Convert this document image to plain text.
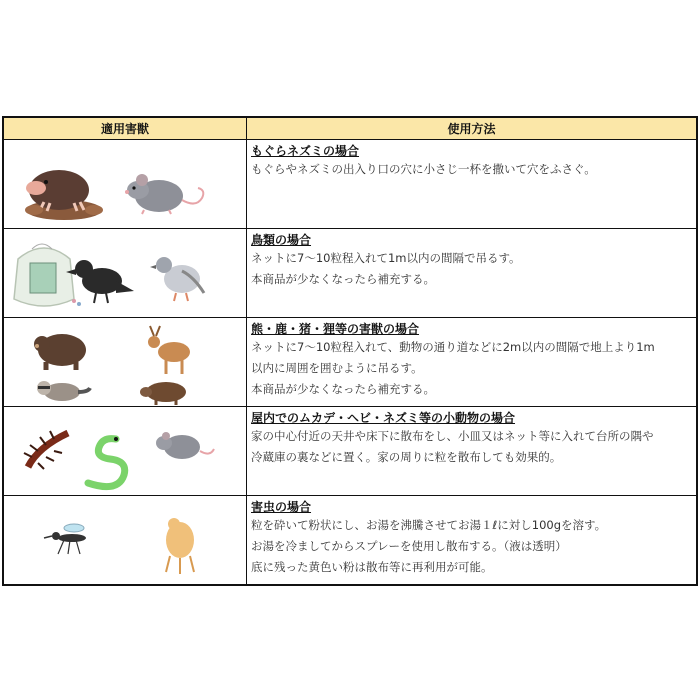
適用害獣	使用方法
もぐらネズミの場合
もぐらやネズミの出入り口の穴に小さじ一杯を撒いて穴をふさぐ。
鳥類の場合
ネットに7～10粒程入れて1m以内の間隔で吊るす。
本商品が少なくなったら補充する。
熊・鹿・猪・狸等の害獣の場合
ネットに7～10粒程入れて、動物の通り道などに2m以内の間隔で地上より1m
以内に周囲を囲むように吊るす。
本商品が少なくなったら補充する。
屋内でのムカデ・ヘビ・ネズミ等の小動物の場合
家の中心付近の天井や床下に散布をし、小皿又はネット等に入れて台所の隅や
冷蔵庫の裏などに置く。家の周りに粒を散布しても効果的。
害虫の場合
粒を砕いて粉状にし、お湯を沸騰させてお湯１ℓに対し100gを溶す。
お湯を冷ましてからスプレーを使用し散布する。（液は透明）
底に残った黄色い粉は散布等に再利用が可能。
